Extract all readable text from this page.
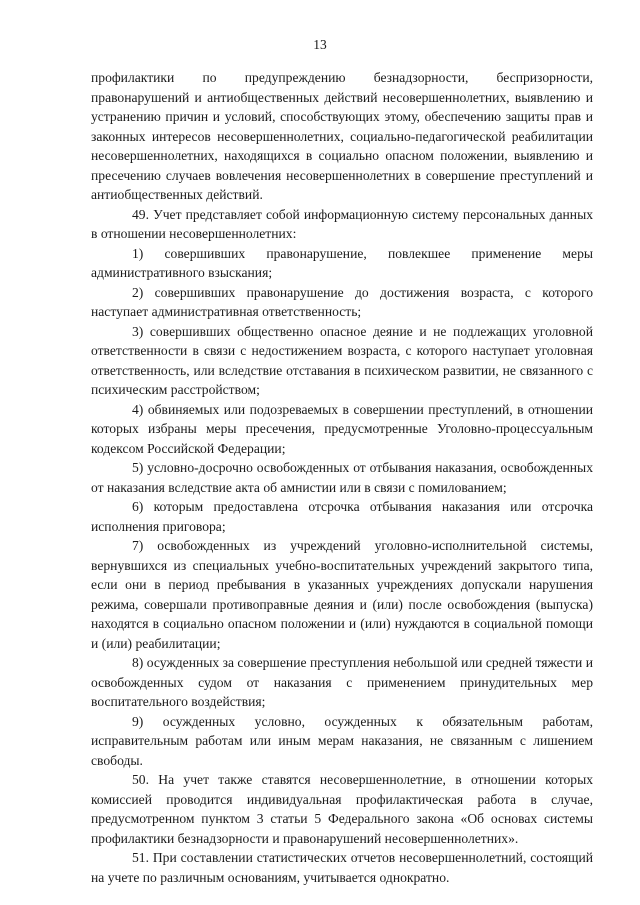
13

профилактики по предупреждению безнадзорности, беспризорности, правонарушений и антиобщественных действий несовершеннолетних, выявлению и устранению причин и условий, способствующих этому, обеспечению защиты прав и законных интересов несовершеннолетних, социально-педагогической реабилитации несовершеннолетних, находящихся в социально опасном положении, выявлению и пресечению случаев вовлечения несовершеннолетних в совершение преступлений и антиобщественных действий.

49. Учет представляет собой информационную систему персональных данных в отношении несовершеннолетних:

1) совершивших правонарушение, повлекшее применение меры административного взыскания;

2) совершивших правонарушение до достижения возраста, с которого наступает административная ответственность;

3) совершивших общественно опасное деяние и не подлежащих уголовной ответственности в связи с недостижением возраста, с которого наступает уголовная ответственность, или вследствие отставания в психическом развитии, не связанного с психическим расстройством;

4) обвиняемых или подозреваемых в совершении преступлений, в отношении которых избраны меры пресечения, предусмотренные Уголовно-процессуальным кодексом Российской Федерации;

5) условно-досрочно освобожденных от отбывания наказания, освобожденных от наказания вследствие акта об амнистии или в связи с помилованием;

6) которым предоставлена отсрочка отбывания наказания или отсрочка исполнения приговора;

7) освобожденных из учреждений уголовно-исполнительной системы, вернувшихся из специальных учебно-воспитательных учреждений закрытого типа, если они в период пребывания в указанных учреждениях допускали нарушения режима, совершали противоправные деяния и (или) после освобождения (выпуска) находятся в социально опасном положении и (или) нуждаются в социальной помощи и (или) реабилитации;

8) осужденных за совершение преступления небольшой или средней тяжести и освобожденных судом от наказания с применением принудительных мер воспитательного воздействия;

9) осужденных условно, осужденных к обязательным работам, исправительным работам или иным мерам наказания, не связанным с лишением свободы.

50. На учет также ставятся несовершеннолетние, в отношении которых комиссией проводится индивидуальная профилактическая работа в случае, предусмотренном пунктом 3 статьи 5 Федерального закона «Об основах системы профилактики безнадзорности и правонарушений несовершеннолетних».

51. При составлении статистических отчетов несовершеннолетний, состоящий на учете по различным основаниям, учитывается однократно.
